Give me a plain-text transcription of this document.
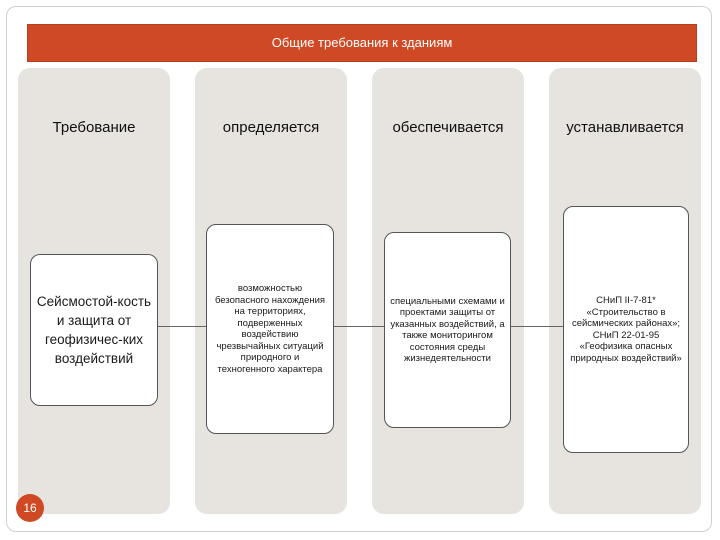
Общие требования к зданиям
Требование	определяется	обеспечивается	устанавливается
Сейсмостой-кость и защита от геофизичес-ких воздействий
возможностью безопасного нахождения на территориях, подверженных воздействию чрезвычайных ситуаций природного и техногенного характера
специальными схемами и проектами защиты от указанных воздействий, а также мониторингом состояния среды жизнедеятельности
СНиП II-7-81* «Строительство в сейсмических районах»; СНиП 22-01-95 «Геофизика опасных природных воздействий»
16
